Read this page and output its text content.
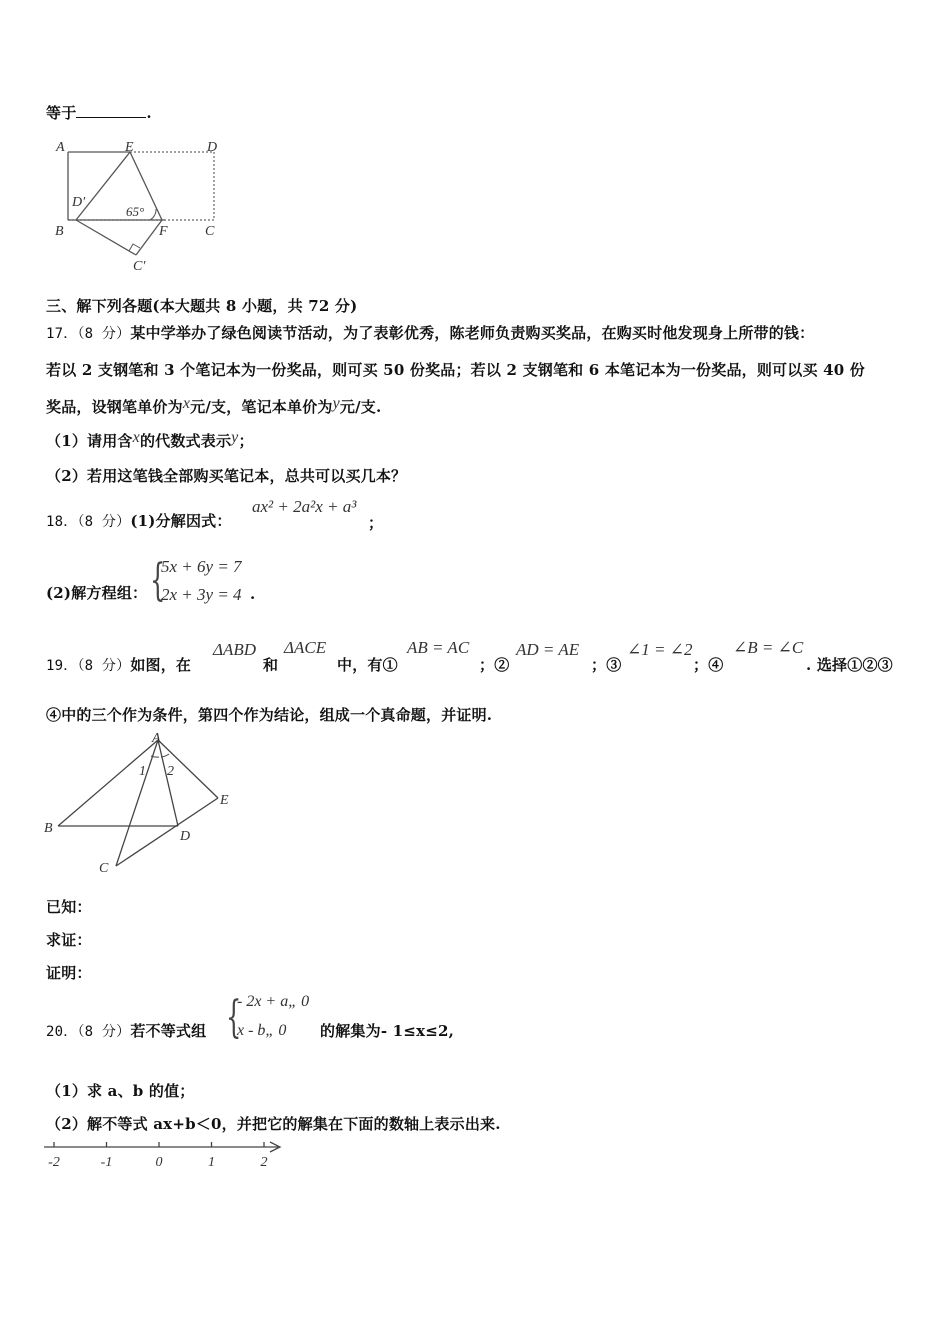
等于	.
A	E	D
D′
65°
B	F	C
C′
三、解下列各题(本大题共 8 小题，共 72 分)
17．（8 分）某中学举办了绿色阅读节活动，为了表彰优秀，陈老师负责购买奖品，在购买时他发现身上所带的钱：
若以 2 支钢笔和 3 个笔记本为一份奖品，则可买 50 份奖品；若以 2 支钢笔和 6 本笔记本为一份奖品，则可以买 40 份
奖品，设钢笔单价为x元/支，笔记本单价为y元/支.
（1）请用含x的代数式表示y；
（2）若用这笔钱全部购买笔记本，总共可以买几本？
18．（8 分）(1)分解因式：
ax² + 2a²x + a³
；
(2)解方程组： {
5x + 6y = 7
2x + 3y = 4 .
19．（8 分）如图，在
ΔABD
和
ΔACE
中，有①
AB = AC
；②
AD = AE
；③
∠1 = ∠2
；④
∠B = ∠C
. 选择①②③
④中的三个作为条件，第四个作为结论，组成一个真命题，并证明.
A
1 2
E
B
D
C
已知：
求证：
证明：
20．（8 分）若不等式组 {
- 2x + a„ 0
x - b„ 0 的解集为- 1≤x≤2,
（1）求 a、b 的值；
（2）解不等式 ax+b＜0，并把它的解集在下面的数轴上表示出来.
-2	-1	0	1	2
